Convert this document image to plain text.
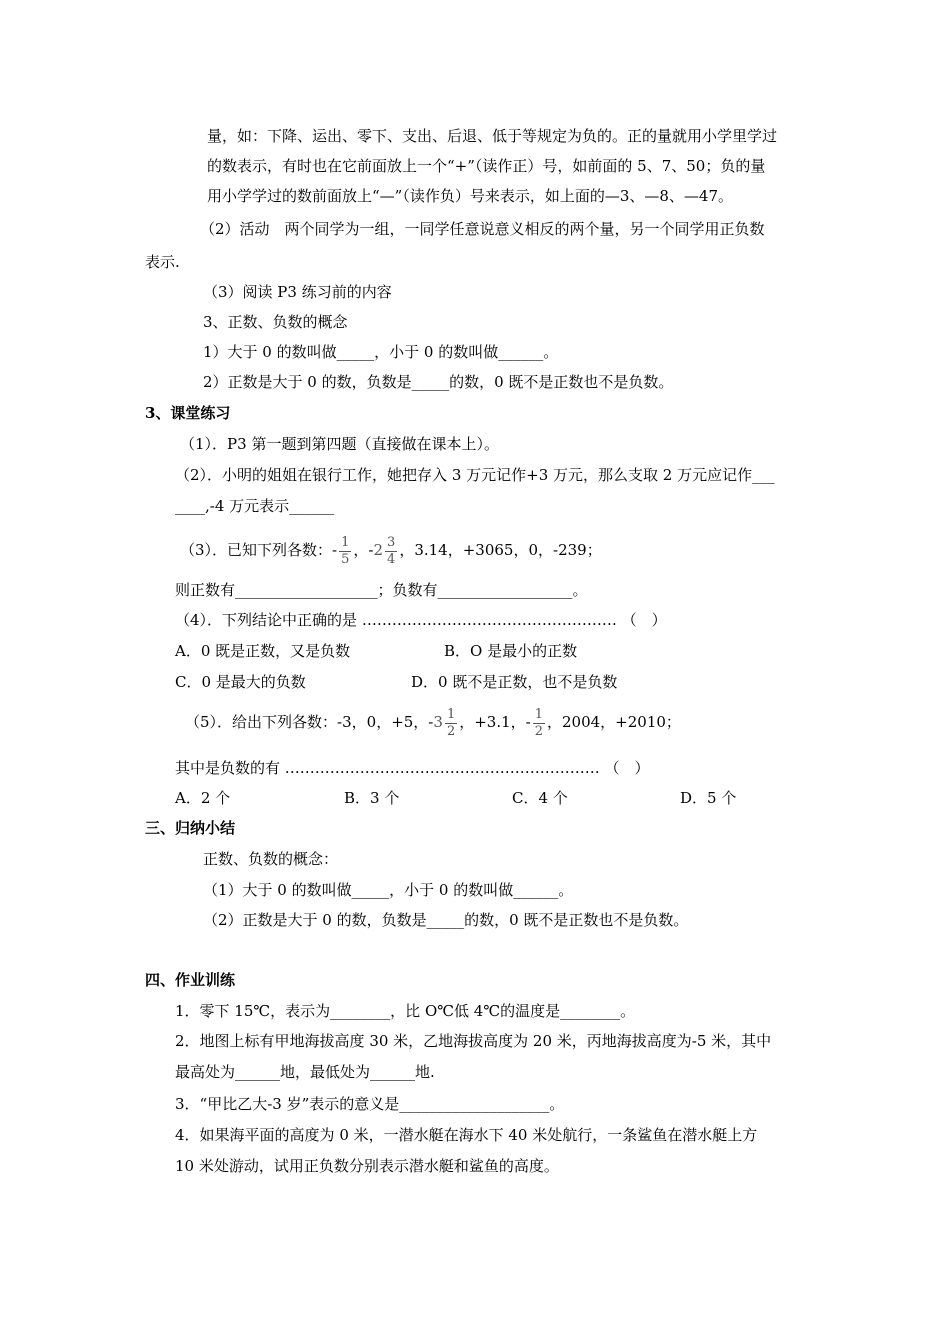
量，如：下降、运出、零下、支出、后退、低于等规定为负的。正的量就用小学里学过
的数表示，有时也在它前面放上一个“+”（读作正）号，如前面的 5、7、50；负的量
用小学学过的数前面放上“—”（读作负）号来表示，如上面的—3、—8、—47。
（2）活动　两个同学为一组，一同学任意说意义相反的两个量，另一个同学用正负数
表示.
（3）阅读 P3 练习前的内容
3、正数、负数的概念
1）大于 0 的数叫做_____，小于 0 的数叫做______。
2）正数是大于 0 的数，负数是_____的数，0 既不是正数也不是负数。
3、课堂练习
（1）．P3 第一题到第四题（直接做在课本上）。
（2）．小明的姐姐在银行工作，她把存入 3 万元记作+3 万元，那么支取 2 万元应记作___
____,-4 万元表示______
（3）．已知下列各数：- $\frac{1}{5}$ ，$-2 \frac{3}{4}$ ，3.14，+3065，0，-239；
则正数有___________________；负数有__________________。
（4）．下列结论中正确的是 …………………………………………… （　）
A．0 既是正数，又是负数	B．O 是最小的正数
C．0 是最大的负数	D．0 既不是正数，也不是负数
（5）．给出下列各数：-3，0，+5，$-3 \frac{1}{2}$ ，+3.1，- $\frac{1}{2}$ ，2004，+2010；
其中是负数的有 ……………………………………………………… （　）
A．2 个	B．3 个	C．4 个	D．5 个
三、归纳小结
正数、负数的概念：
（1）大于 0 的数叫做_____，小于 0 的数叫做______。
（2）正数是大于 0 的数，负数是_____的数，0 既不是正数也不是负数。
四、作业训练
1．零下 15℃，表示为________，比 O℃低 4℃的温度是________。
2．地图上标有甲地海拔高度 30 米，乙地海拔高度为 20 米，丙地海拔高度为-5 米，其中
最高处为______地，最低处为______地.
3．“甲比乙大-3 岁”表示的意义是____________________。
4．如果海平面的高度为 0 米，一潜水艇在海水下 40 米处航行，一条鲨鱼在潜水艇上方
10 米处游动，试用正负数分别表示潜水艇和鲨鱼的高度。
